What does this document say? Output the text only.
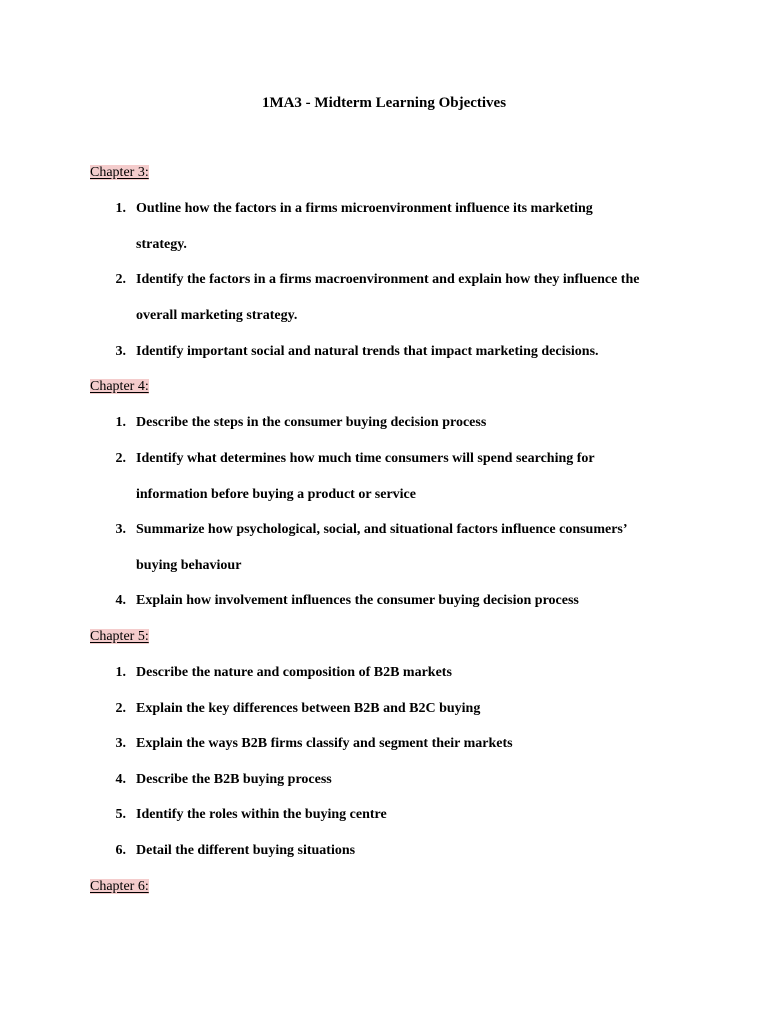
1MA3 - Midterm Learning Objectives
Chapter 3:
1. Outline how the factors in a firms microenvironment influence its marketing
strategy.
2. Identify the factors in a firms macroenvironment and explain how they influence the
overall marketing strategy.
3. Identify important social and natural trends that impact marketing decisions.
Chapter 4:
1. Describe the steps in the consumer buying decision process
2. Identify what determines how much time consumers will spend searching for
information before buying a product or service
3. Summarize how psychological, social, and situational factors influence consumers’
buying behaviour
4. Explain how involvement influences the consumer buying decision process
Chapter 5:
1. Describe the nature and composition of B2B markets
2. Explain the key differences between B2B and B2C buying
3. Explain the ways B2B firms classify and segment their markets
4. Describe the B2B buying process
5. Identify the roles within the buying centre
6. Detail the different buying situations
Chapter 6:
